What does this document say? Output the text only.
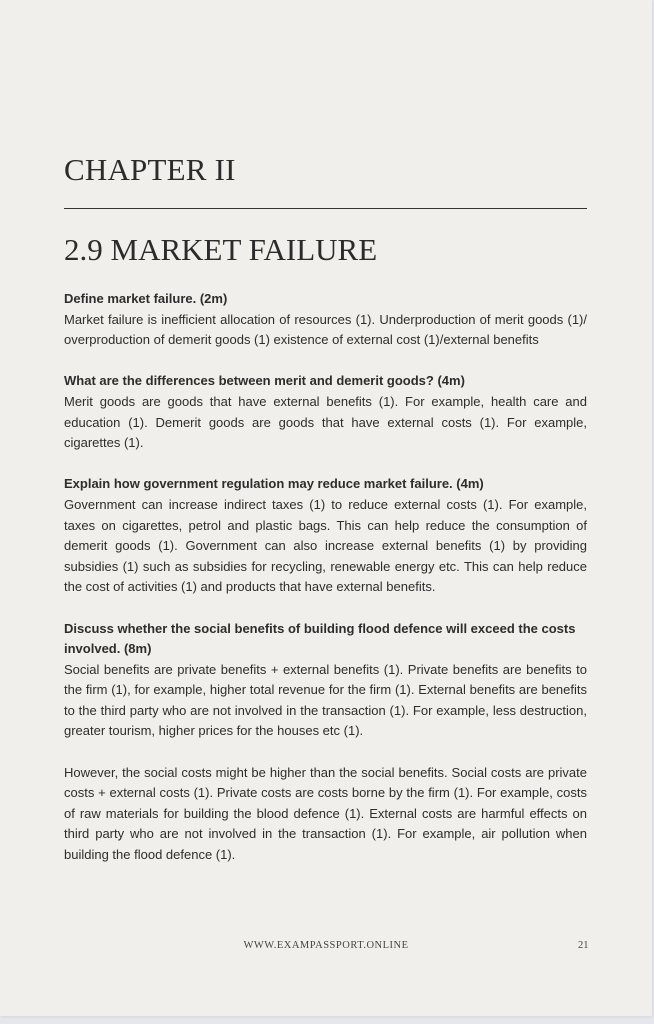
CHAPTER II
2.9 MARKET FAILURE

Define market failure. (2m)

Market failure is inefficient allocation of resources (1). Underproduction of merit goods (1)/ overproduction of demerit goods (1) existence of external cost (1)/external benefits

What are the differences between merit and demerit goods? (4m)

Merit goods are goods that have external benefits (1). For example, health care and education (1). Demerit goods are goods that have external costs (1). For example, cigarettes (1).

Explain how government regulation may reduce market failure. (4m)

Government can increase indirect taxes (1) to reduce external costs (1). For example, taxes on cigarettes, petrol and plastic bags. This can help reduce the consumption of demerit goods (1). Government can also increase external benefits (1) by providing subsidies (1) such as subsidies for recycling, renewable energy etc. This can help reduce the cost of activities (1) and products that have external benefits.

Discuss whether the social benefits of building flood defence will exceed the costs involved. (8m)

Social benefits are private benefits + external benefits (1). Private benefits are benefits to the firm (1), for example, higher total revenue for the firm (1). External benefits are benefits to the third party who are not involved in the transaction (1). For example, less destruction, greater tourism, higher prices for the houses etc (1).

However, the social costs might be higher than the social benefits. Social costs are private costs + external costs (1). Private costs are costs borne by the firm (1). For example, costs of raw materials for building the blood defence (1). External costs are harmful effects on third party who are not involved in the transaction (1). For example, air pollution when building the flood defence (1).

WWW.EXAMPASSPORT.ONLINE	21
